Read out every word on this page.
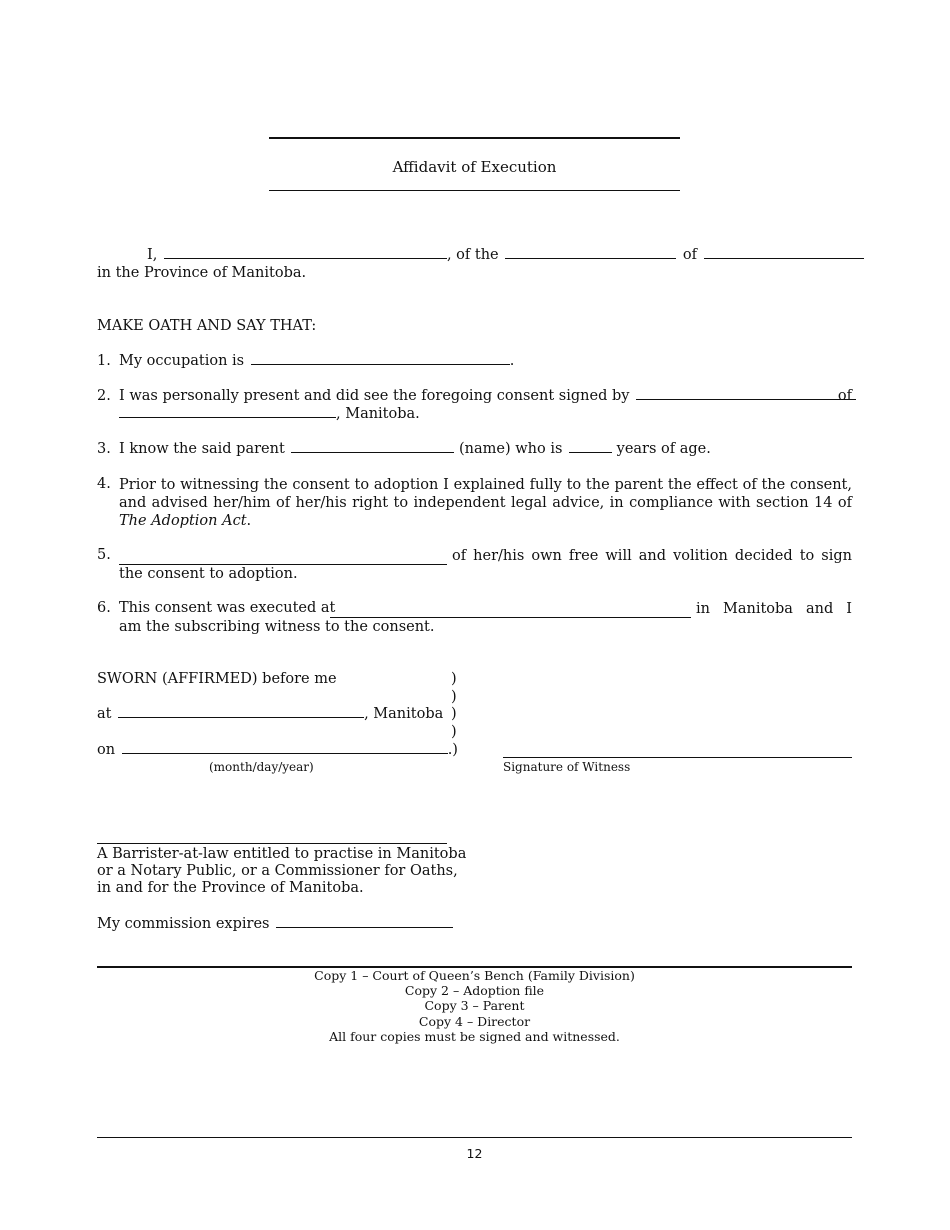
Affidavit of Execution
I,	, of the	of
in the Province of Manitoba.
MAKE OATH AND SAY THAT:
1. My occupation is	.
2. I was personally present and did see the foregoing consent signed by	of
, Manitoba.
3. I know the said parent	(name) who is	years of age.
4. Prior to witnessing the consent to adoption I explained fully to the parent the effect of the consent, and advised her/him of her/his right to independent legal advice, in compliance with section 14 of The Adoption Act.
5.	of her/his own free will and volition decided to sign the consent to adoption.
6. This consent was executed at	in Manitoba and I am the subscribing witness to the consent.
SWORN (AFFIRMED) before me	)
)
at	, Manitoba )
)
on	.)
(month/day/year)	Signature of Witness
A Barrister-at-law entitled to practise in Manitoba
or a Notary Public, or a Commissioner for Oaths,
in and for the Province of Manitoba.
My commission expires
Copy 1 – Court of Queen’s Bench (Family Division)
Copy 2 – Adoption file
Copy 3 – Parent
Copy 4 – Director
All four copies must be signed and witnessed.
12
